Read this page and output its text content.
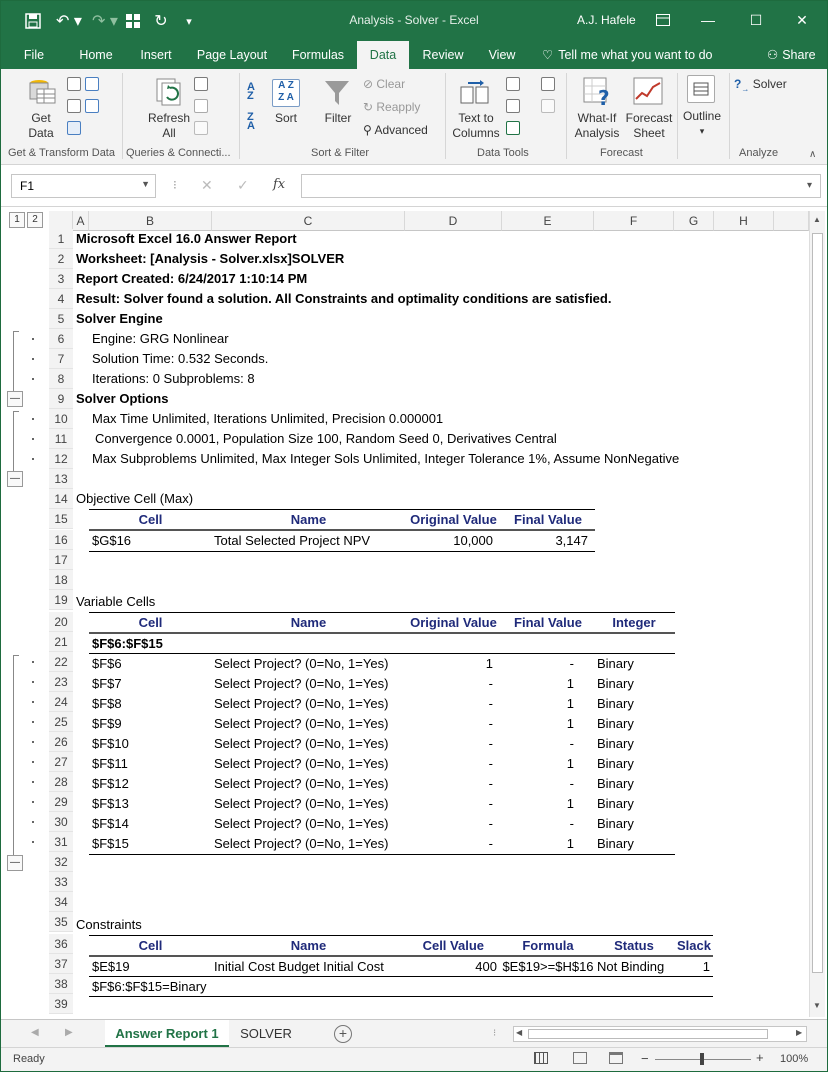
↶ ▾ ↷ ▾ ↻	▾	Analysis - Solver - Excel	A.J. Hafele	—	☐	✕
File	Home	Insert	Page Layout	Formulas	Data	Review	View	♡ Tell me what you want to do	⚇ Share
Get Data
Get & Transform Data
Refresh All
Queries & Connecti...
A
Z
Z
A
A Z
Z A
Sort	Filter
⊘ Clear
↻ Reapply
⚲ Advanced
Sort & Filter
Text to Columns
Data Tools
?
What-If Analysis
Forecast Sheet
Forecast
Outline
▾
$?_\to$ Solver
Analyze	∧
F1	▼ ⁝ ✕ ✓ fx	▾
1	2	A	B	C	D	E	F	G	H	▲
▼
1
2
3
4
5
6
7
8
9
10
11
12
13
14
15
16
17
18
19
20
21
22
23
24
25
26
27
28
29
30
31
32
33
34
35
36
37
38
39
Microsoft Excel 16.0 Answer Report
Worksheet: [Analysis - Solver.xlsx]SOLVER
Report Created: 6/24/2017 1:10:14 PM
Result: Solver found a solution. All Constraints and optimality conditions are satisfied.
Solver Engine
Engine: GRG Nonlinear
Solution Time: 0.532 Seconds.
Iterations: 0 Subproblems: 8
Solver Options
Max Time Unlimited, Iterations Unlimited, Precision 0.000001
Convergence 0.0001, Population Size 100, Random Seed 0, Derivatives Central
Max Subproblems Unlimited, Max Integer Sols Unlimited, Integer Tolerance 1%, Assume NonNegative
Objective Cell (Max)
Cell	Name	Original Value	Final Value
$G$16	Total Selected Project NPV	10,000	3,147
Variable Cells
Cell	Name	Original Value	Final Value	Integer
$F$6:$F$15
$F$6	Select Project? (0=No, 1=Yes)	1	- Binary
$F$7	Select Project? (0=No, 1=Yes)	-	1 Binary
$F$8	Select Project? (0=No, 1=Yes)	-	1 Binary
$F$9	Select Project? (0=No, 1=Yes)	-	1 Binary
$F$10	Select Project? (0=No, 1=Yes)	-	- Binary
$F$11	Select Project? (0=No, 1=Yes)	-	1 Binary
$F$12	Select Project? (0=No, 1=Yes)	-	- Binary
$F$13	Select Project? (0=No, 1=Yes)	-	1 Binary
$F$14	Select Project? (0=No, 1=Yes)	-	- Binary
$F$15	Select Project? (0=No, 1=Yes)	-	1 Binary
Constraints
Cell	Name	Cell Value	Formula	Status	Slack
$E$19	Initial Cost Budget Initial Cost	400 $E$19>=$H$16 Not Binding	1
$F$6:$F$15=Binary
—
—
—
◀	▶	Answer Report 1	SOLVER	+	⁝ ◀	▶
Ready	−	+ 100%
